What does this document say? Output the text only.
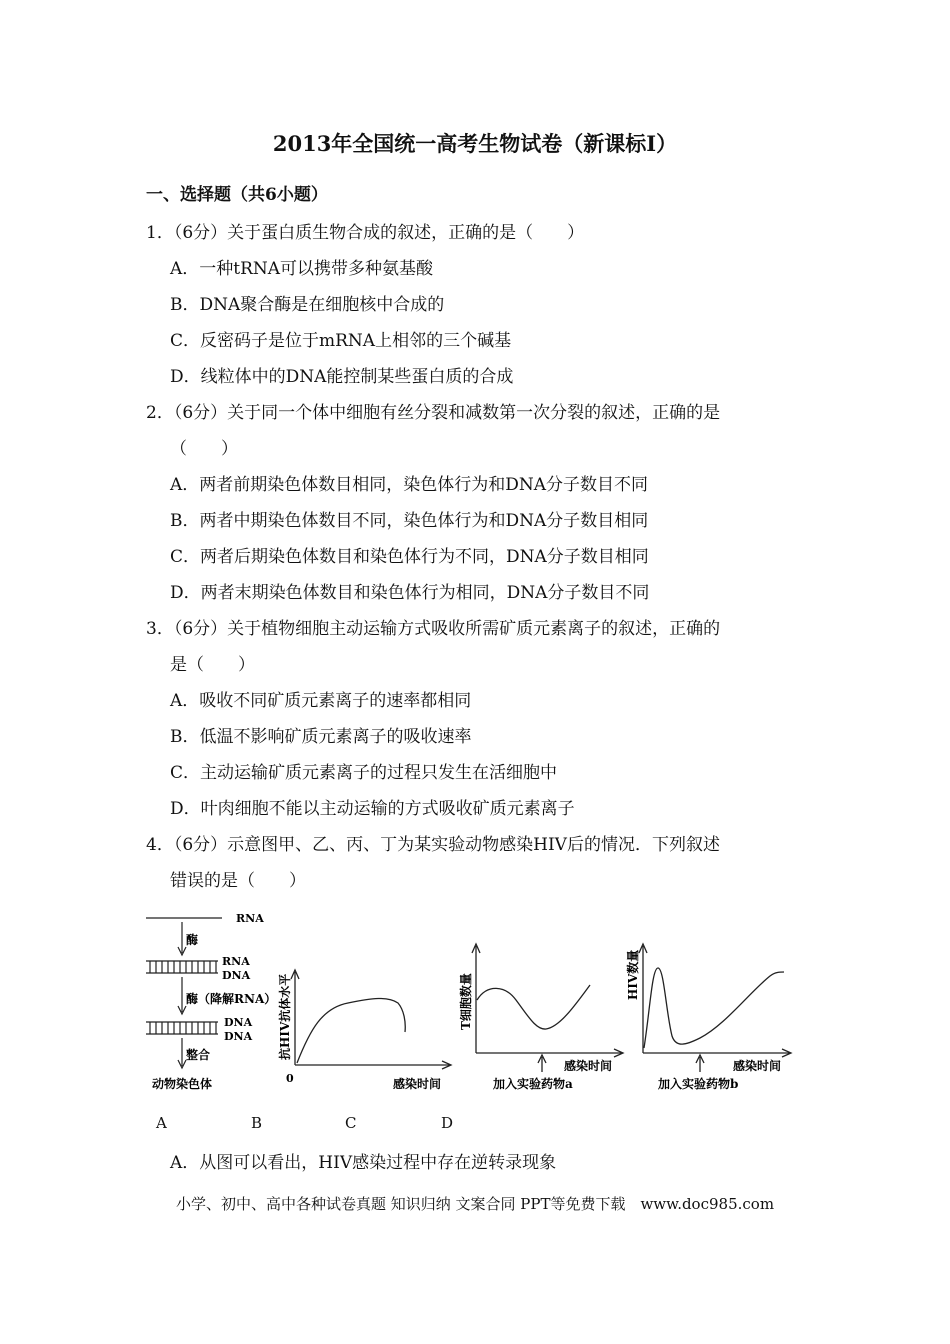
2013年全国统一高考生物试卷（新课标I）
一、选择题（共6小题）
1．（6分）关于蛋白质生物合成的叙述，正确的是（　　）
A．一种tRNA可以携带多种氨基酸
B．DNA聚合酶是在细胞核中合成的
C．反密码子是位于mRNA上相邻的三个碱基
D．线粒体中的DNA能控制某些蛋白质的合成
2．（6分）关于同一个体中细胞有丝分裂和减数第一次分裂的叙述，正确的是
（　　）
A．两者前期染色体数目相同，染色体行为和DNA分子数目不同
B．两者中期染色体数目不同，染色体行为和DNA分子数目相同
C．两者后期染色体数目和染色体行为不同，DNA分子数目相同
D．两者末期染色体数目和染色体行为相同，DNA分子数目不同
3．（6分）关于植物细胞主动运输方式吸收所需矿质元素离子的叙述，正确的
是（　　）
A．吸收不同矿质元素离子的速率都相同
B．低温不影响矿质元素离子的吸收速率
C．主动运输矿质元素离子的过程只发生在活细胞中
D．叶肉细胞不能以主动运输的方式吸收矿质元素离子
4．（6分）示意图甲、乙、丙、丁为某实验动物感染HIV后的情况．下列叙述
错误的是（　　）
RNA
酶
RNA
DNA
酶（降解RNA）
DNA
DNA
整合
动物染色体
抗HIV抗体水平
0	感染时间
T细胞数量
感染时间
加入实验药物a
HIV数量
感染时间
加入实验药物b
A	B	C	D
A．从图可以看出，HIV感染过程中存在逆转录现象
小学、初中、高中各种试卷真题 知识归纳 文案合同 PPT等免费下载　www.doc985.com
